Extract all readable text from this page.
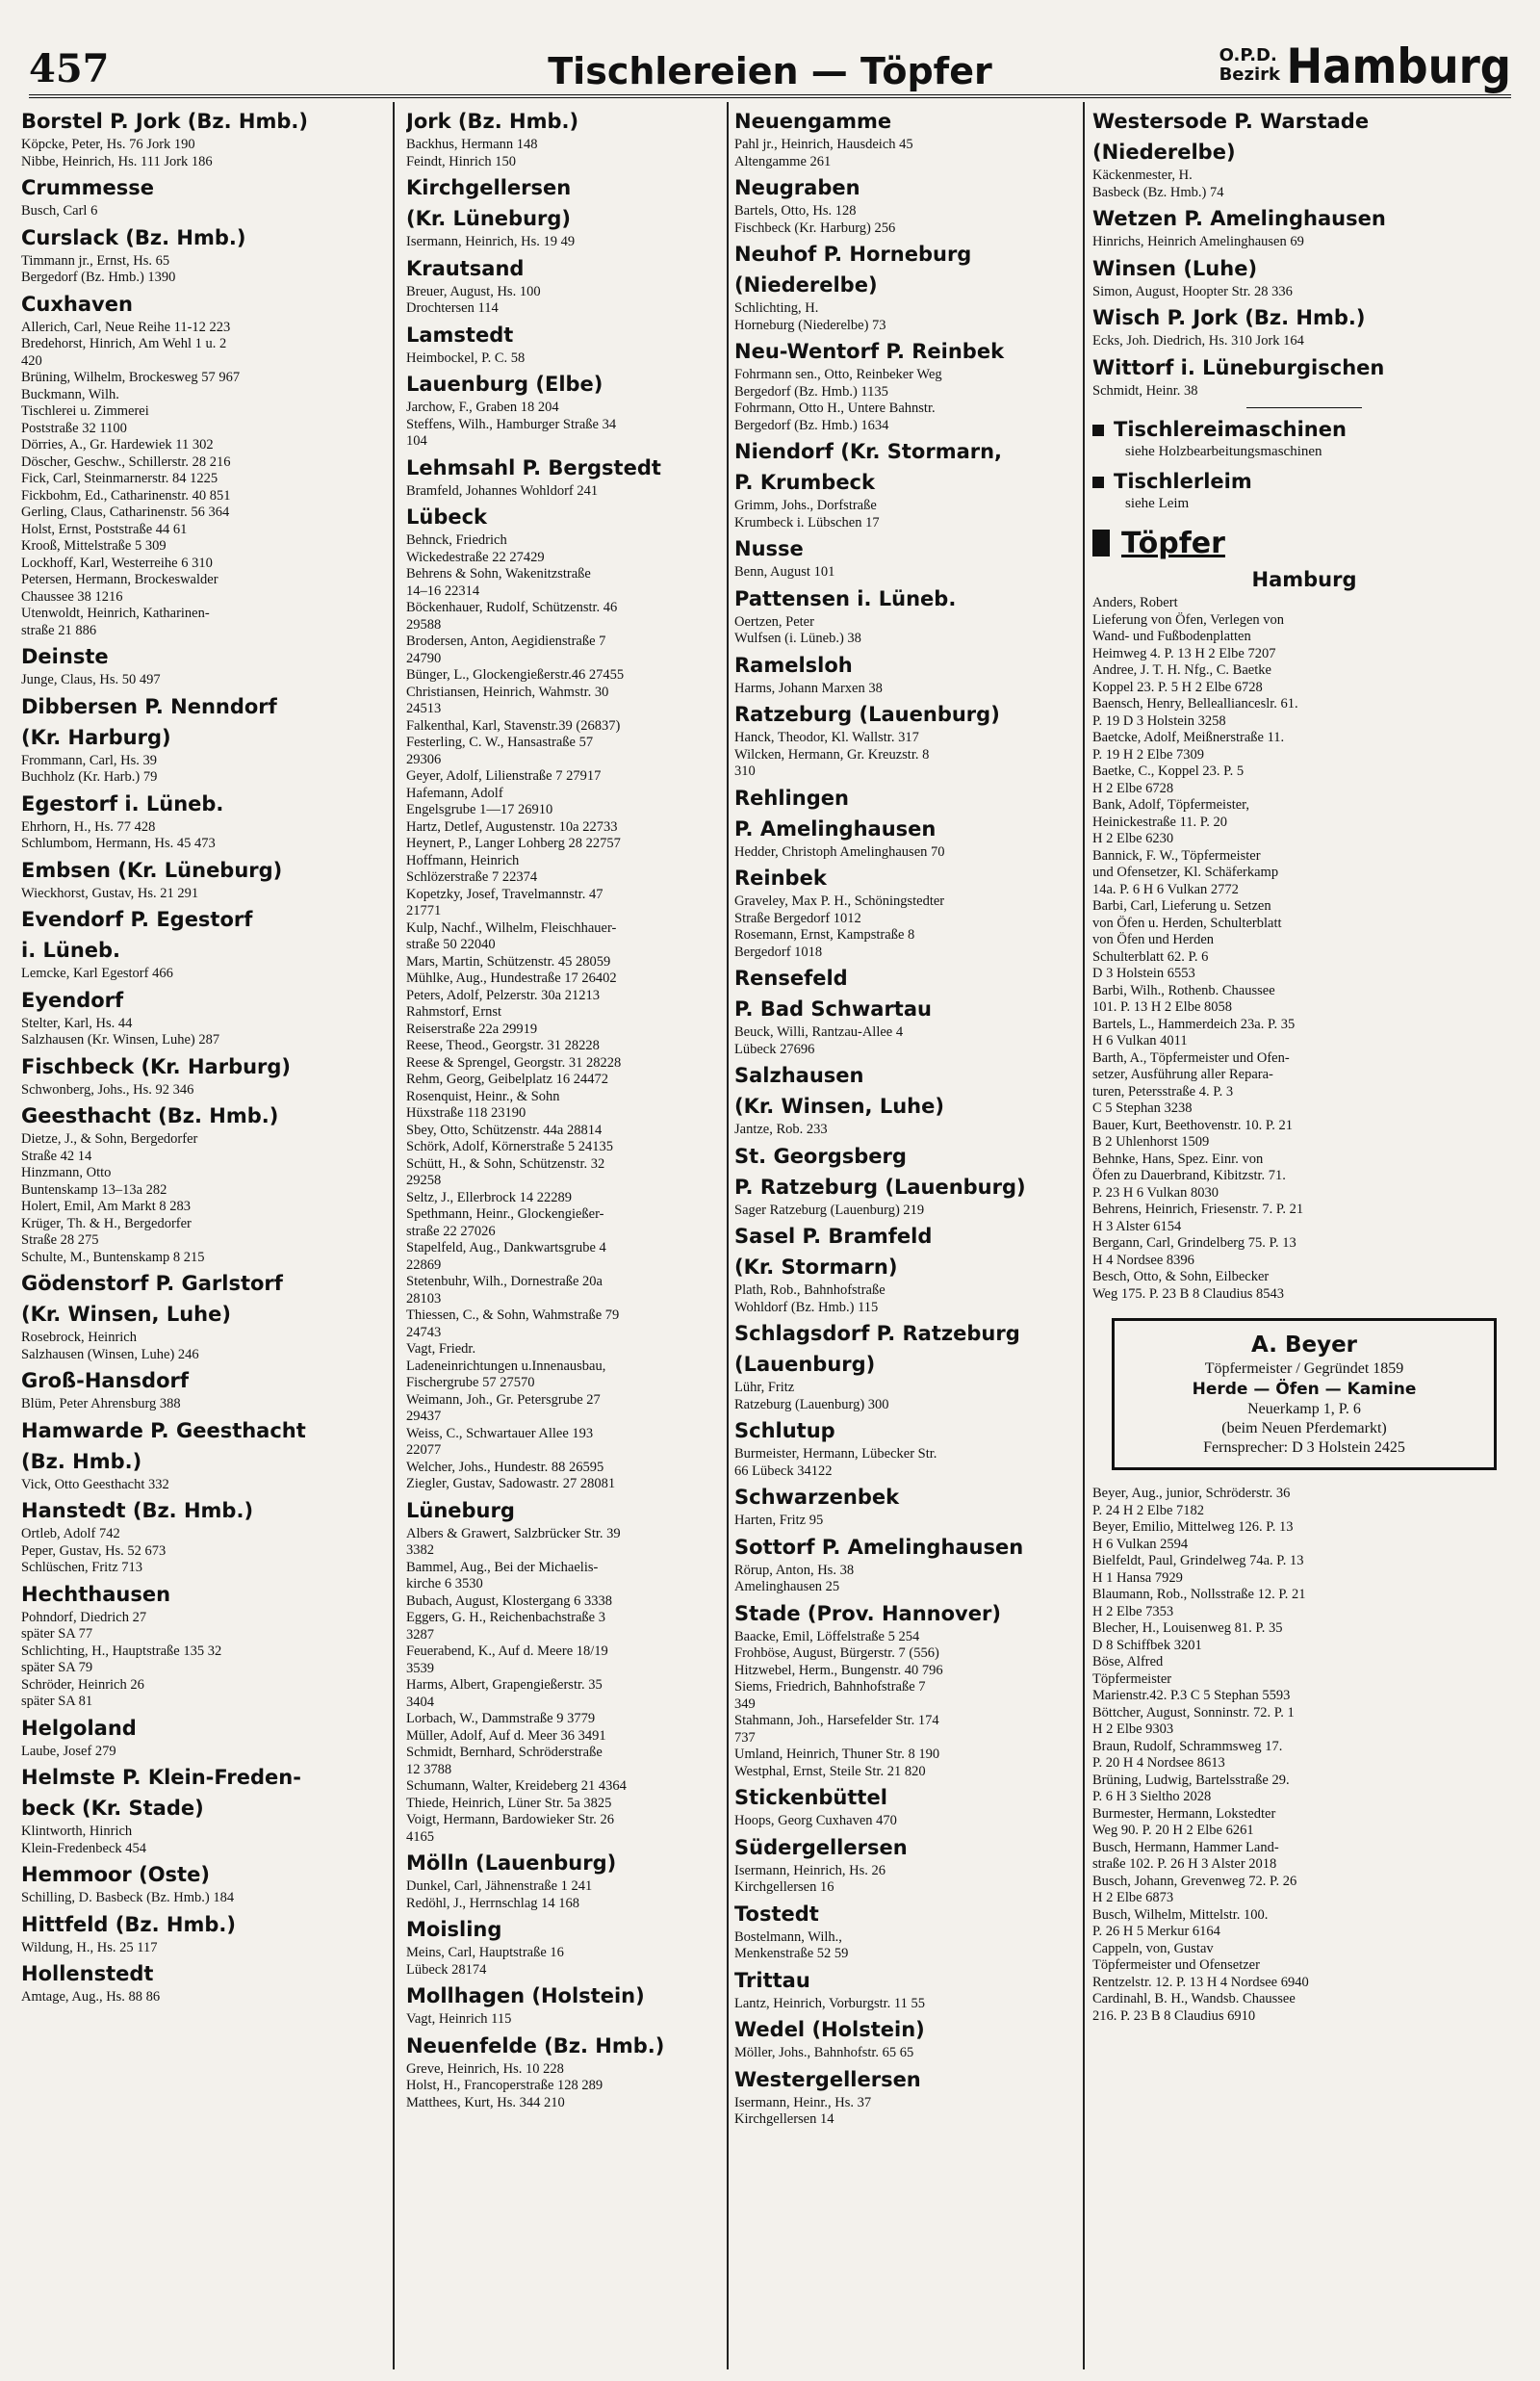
457	Tischlereien — Töpfer	O.P.D.
Bezirk Hamburg
Borstel P. Jork (Bz. Hmb.)
Köpcke, Peter, Hs. 76 Jork 190
Nibbe, Heinrich, Hs. 111 Jork 186
Crummesse
Busch, Carl 6
Curslack (Bz. Hmb.)
Timmann jr., Ernst, Hs. 65
Bergedorf (Bz. Hmb.) 1390
Cuxhaven
Allerich, Carl, Neue Reihe 11-12 223
Bredehorst, Hinrich, Am Wehl 1 u. 2
420
Brüning, Wilhelm, Brockesweg 57 967
Buckmann, Wilh.
Tischlerei u. Zimmerei
Poststraße 32 1100
Dörries, A., Gr. Hardewiek 11 302
Döscher, Geschw., Schillerstr. 28 216
Fick, Carl, Steinmarnerstr. 84 1225
Fickbohm, Ed., Catharinenstr. 40 851
Gerling, Claus, Catharinenstr. 56 364
Holst, Ernst, Poststraße 44 61
Krooß, Mittelstraße 5 309
Lockhoff, Karl, Westerreihe 6 310
Petersen, Hermann, Brockeswalder
Chaussee 38 1216
Utenwoldt, Heinrich, Katharinen-
straße 21 886
Deinste
Junge, Claus, Hs. 50 497
Dibbersen P. Nenndorf
(Kr. Harburg)
Frommann, Carl, Hs. 39
Buchholz (Kr. Harb.) 79
Egestorf i. Lüneb.
Ehrhorn, H., Hs. 77 428
Schlumbom, Hermann, Hs. 45 473
Embsen (Kr. Lüneburg)
Wieckhorst, Gustav, Hs. 21 291
Evendorf P. Egestorf
i. Lüneb.
Lemcke, Karl Egestorf 466
Eyendorf
Stelter, Karl, Hs. 44
Salzhausen (Kr. Winsen, Luhe) 287
Fischbeck (Kr. Harburg)
Schwonberg, Johs., Hs. 92 346
Geesthacht (Bz. Hmb.)
Dietze, J., & Sohn, Bergedorfer
Straße 42 14
Hinzmann, Otto
Buntenskamp 13–13a 282
Holert, Emil, Am Markt 8 283
Krüger, Th. & H., Bergedorfer
Straße 28 275
Schulte, M., Buntenskamp 8 215
Gödenstorf P. Garlstorf
(Kr. Winsen, Luhe)
Rosebrock, Heinrich
Salzhausen (Winsen, Luhe) 246
Groß-Hansdorf
Blüm, Peter Ahrensburg 388
Hamwarde P. Geesthacht
(Bz. Hmb.)
Vick, Otto Geesthacht 332
Hanstedt (Bz. Hmb.)
Ortleb, Adolf 742
Peper, Gustav, Hs. 52 673
Schlüschen, Fritz 713
Hechthausen
Pohndorf, Diedrich 27
später SA 77
Schlichting, H., Hauptstraße 135 32
später SA 79
Schröder, Heinrich 26
später SA 81
Helgoland
Laube, Josef 279
Helmste P. Klein-Freden-
beck (Kr. Stade)
Klintworth, Hinrich
Klein-Fredenbeck 454
Hemmoor (Oste)
Schilling, D. Basbeck (Bz. Hmb.) 184
Hittfeld (Bz. Hmb.)
Wildung, H., Hs. 25 117
Hollenstedt
Amtage, Aug., Hs. 88 86
Jork (Bz. Hmb.)
Backhus, Hermann 148
Feindt, Hinrich 150
Kirchgellersen
(Kr. Lüneburg)
Isermann, Heinrich, Hs. 19 49
Krautsand
Breuer, August, Hs. 100
Drochtersen 114
Lamstedt
Heimbockel, P. C. 58
Lauenburg (Elbe)
Jarchow, F., Graben 18 204
Steffens, Wilh., Hamburger Straße 34
104
Lehmsahl P. Bergstedt
Bramfeld, Johannes Wohldorf 241
Lübeck
Behnck, Friedrich
Wickedestraße 22 27429
Behrens & Sohn, Wakenitzstraße
14–16 22314
Böckenhauer, Rudolf, Schützenstr. 46
29588
Brodersen, Anton, Aegidienstraße 7
24790
Bünger, L., Glockengießerstr.46 27455
Christiansen, Heinrich, Wahmstr. 30
24513
Falkenthal, Karl, Stavenstr.39 (26837)
Festerling, C. W., Hansastraße 57
29306
Geyer, Adolf, Lilienstraße 7 27917
Hafemann, Adolf
Engelsgrube 1—17 26910
Hartz, Detlef, Augustenstr. 10a 22733
Heynert, P., Langer Lohberg 28 22757
Hoffmann, Heinrich
Schlözerstraße 7 22374
Kopetzky, Josef, Travelmannstr. 47
21771
Kulp, Nachf., Wilhelm, Fleischhauer-
straße 50 22040
Mars, Martin, Schützenstr. 45 28059
Mühlke, Aug., Hundestraße 17 26402
Peters, Adolf, Pelzerstr. 30a 21213
Rahmstorf, Ernst
Reiserstraße 22a 29919
Reese, Theod., Georgstr. 31 28228
Reese & Sprengel, Georgstr. 31 28228
Rehm, Georg, Geibelplatz 16 24472
Rosenquist, Heinr., & Sohn
Hüxstraße 118 23190
Sbey, Otto, Schützenstr. 44a 28814
Schörk, Adolf, Körnerstraße 5 24135
Schütt, H., & Sohn, Schützenstr. 32
29258
Seltz, J., Ellerbrock 14 22289
Spethmann, Heinr., Glockengießer-
straße 22 27026
Stapelfeld, Aug., Dankwartsgrube 4
22869
Stetenbuhr, Wilh., Dornestraße 20a
28103
Thiessen, C., & Sohn, Wahmstraße 79
24743
Vagt, Friedr.
Ladeneinrichtungen u.Innenausbau,
Fischergrube 57 27570
Weimann, Joh., Gr. Petersgrube 27
29437
Weiss, C., Schwartauer Allee 193
22077
Welcher, Johs., Hundestr. 88 26595
Ziegler, Gustav, Sadowastr. 27 28081
Lüneburg
Albers & Grawert, Salzbrücker Str. 39
3382
Bammel, Aug., Bei der Michaelis-
kirche 6 3530
Bubach, August, Klostergang 6 3338
Eggers, G. H., Reichenbachstraße 3
3287
Feuerabend, K., Auf d. Meere 18/19
3539
Harms, Albert, Grapengießerstr. 35
3404
Lorbach, W., Dammstraße 9 3779
Müller, Adolf, Auf d. Meer 36 3491
Schmidt, Bernhard, Schröderstraße
12 3788
Schumann, Walter, Kreideberg 21 4364
Thiede, Heinrich, Lüner Str. 5a 3825
Voigt, Hermann, Bardowieker Str. 26
4165
Mölln (Lauenburg)
Dunkel, Carl, Jähnenstraße 1 241
Redöhl, J., Herrnschlag 14 168
Moisling
Meins, Carl, Hauptstraße 16
Lübeck 28174
Mollhagen (Holstein)
Vagt, Heinrich 115
Neuenfelde (Bz. Hmb.)
Greve, Heinrich, Hs. 10 228
Holst, H., Francoperstraße 128 289
Matthees, Kurt, Hs. 344 210
Neuengamme
Pahl jr., Heinrich, Hausdeich 45
Altengamme 261
Neugraben
Bartels, Otto, Hs. 128
Fischbeck (Kr. Harburg) 256
Neuhof P. Horneburg
(Niederelbe)
Schlichting, H.
Horneburg (Niederelbe) 73
Neu-Wentorf P. Reinbek
Fohrmann sen., Otto, Reinbeker Weg
Bergedorf (Bz. Hmb.) 1135
Fohrmann, Otto H., Untere Bahnstr.
Bergedorf (Bz. Hmb.) 1634
Niendorf (Kr. Stormarn,
P. Krumbeck
Grimm, Johs., Dorfstraße
Krumbeck i. Lübschen 17
Nusse
Benn, August 101
Pattensen i. Lüneb.
Oertzen, Peter
Wulfsen (i. Lüneb.) 38
Ramelsloh
Harms, Johann Marxen 38
Ratzeburg (Lauenburg)
Hanck, Theodor, Kl. Wallstr. 317
Wilcken, Hermann, Gr. Kreuzstr. 8
310
Rehlingen
P. Amelinghausen
Hedder, Christoph Amelinghausen 70
Reinbek
Graveley, Max P. H., Schöningstedter
Straße Bergedorf 1012
Rosemann, Ernst, Kampstraße 8
Bergedorf 1018
Rensefeld
P. Bad Schwartau
Beuck, Willi, Rantzau-Allee 4
Lübeck 27696
Salzhausen
(Kr. Winsen, Luhe)
Jantze, Rob. 233
St. Georgsberg
P. Ratzeburg (Lauenburg)
Sager Ratzeburg (Lauenburg) 219
Sasel P. Bramfeld
(Kr. Stormarn)
Plath, Rob., Bahnhofstraße
Wohldorf (Bz. Hmb.) 115
Schlagsdorf P. Ratzeburg
(Lauenburg)
Lühr, Fritz
Ratzeburg (Lauenburg) 300
Schlutup
Burmeister, Hermann, Lübecker Str.
66 Lübeck 34122
Schwarzenbek
Harten, Fritz 95
Sottorf P. Amelinghausen
Rörup, Anton, Hs. 38
Amelinghausen 25
Stade (Prov. Hannover)
Baacke, Emil, Löffelstraße 5 254
Frohböse, August, Bürgerstr. 7 (556)
Hitzwebel, Herm., Bungenstr. 40 796
Siems, Friedrich, Bahnhofstraße 7
349
Stahmann, Joh., Harsefelder Str. 174
737
Umland, Heinrich, Thuner Str. 8 190
Westphal, Ernst, Steile Str. 21 820
Stickenbüttel
Hoops, Georg Cuxhaven 470
Südergellersen
Isermann, Heinrich, Hs. 26
Kirchgellersen 16
Tostedt
Bostelmann, Wilh.,
Menkenstraße 52 59
Trittau
Lantz, Heinrich, Vorburgstr. 11 55
Wedel (Holstein)
Möller, Johs., Bahnhofstr. 65 65
Westergellersen
Isermann, Heinr., Hs. 37
Kirchgellersen 14
Westersode P. Warstade
(Niederelbe)
Käckenmester, H.
Basbeck (Bz. Hmb.) 74
Wetzen P. Amelinghausen
Hinrichs, Heinrich Amelinghausen 69
Winsen (Luhe)
Simon, August, Hoopter Str. 28 336
Wisch P. Jork (Bz. Hmb.)
Ecks, Joh. Diedrich, Hs. 310 Jork 164
Wittorf i. Lüneburgischen
Schmidt, Heinr. 38
Tischlereimaschinen
siehe Holzbearbeitungsmaschinen
Tischlerleim
siehe Leim
Töpfer
Hamburg
Anders, Robert
Lieferung von Öfen, Verlegen von
Wand- und Fußbodenplatten
Heimweg 4. P. 13 H 2 Elbe 7207
Andree, J. T. H. Nfg., C. Baetke
Koppel 23. P. 5 H 2 Elbe 6728
Baensch, Henry, Belleallianceslr. 61.
P. 19 D 3 Holstein 3258
Baetcke, Adolf, Meißnerstraße 11.
P. 19 H 2 Elbe 7309
Baetke, C., Koppel 23. P. 5
H 2 Elbe 6728
Bank, Adolf, Töpfermeister,
Heinickestraße 11. P. 20
H 2 Elbe 6230
Bannick, F. W., Töpfermeister
und Ofensetzer, Kl. Schäferkamp
14a. P. 6 H 6 Vulkan 2772
Barbi, Carl, Lieferung u. Setzen
von Öfen u. Herden, Schulterblatt
von Öfen und Herden
Schulterblatt 62. P. 6
D 3 Holstein 6553
Barbi, Wilh., Rothenb. Chaussee
101. P. 13 H 2 Elbe 8058
Bartels, L., Hammerdeich 23a. P. 35
H 6 Vulkan 4011
Barth, A., Töpfermeister und Ofen-
setzer, Ausführung aller Repara-
turen, Petersstraße 4. P. 3
C 5 Stephan 3238
Bauer, Kurt, Beethovenstr. 10. P. 21
B 2 Uhlenhorst 1509
Behnke, Hans, Spez. Einr. von
Öfen zu Dauerbrand, Kibitzstr. 71.
P. 23 H 6 Vulkan 8030
Behrens, Heinrich, Friesenstr. 7. P. 21
H 3 Alster 6154
Bergann, Carl, Grindelberg 75. P. 13
H 4 Nordsee 8396
Besch, Otto, & Sohn, Eilbecker
Weg 175. P. 23 B 8 Claudius 8543
A. Beyer
Töpfermeister / Gegründet 1859
Herde — Öfen — Kamine
Neuerkamp 1, P. 6
(beim Neuen Pferdemarkt)
Fernsprecher: D 3 Holstein 2425
Beyer, Aug., junior, Schröderstr. 36
P. 24 H 2 Elbe 7182
Beyer, Emilio, Mittelweg 126. P. 13
H 6 Vulkan 2594
Bielfeldt, Paul, Grindelweg 74a. P. 13
H 1 Hansa 7929
Blaumann, Rob., Nollsstraße 12. P. 21
H 2 Elbe 7353
Blecher, H., Louisenweg 81. P. 35
D 8 Schiffbek 3201
Böse, Alfred
Töpfermeister
Marienstr.42. P.3 C 5 Stephan 5593
Böttcher, August, Sonninstr. 72. P. 1
H 2 Elbe 9303
Braun, Rudolf, Schrammsweg 17.
P. 20 H 4 Nordsee 8613
Brüning, Ludwig, Bartelsstraße 29.
P. 6 H 3 Sieltho 2028
Burmester, Hermann, Lokstedter
Weg 90. P. 20 H 2 Elbe 6261
Busch, Hermann, Hammer Land-
straße 102. P. 26 H 3 Alster 2018
Busch, Johann, Grevenweg 72. P. 26
H 2 Elbe 6873
Busch, Wilhelm, Mittelstr. 100.
P. 26 H 5 Merkur 6164
Cappeln, von, Gustav
Töpfermeister und Ofensetzer
Rentzelstr. 12. P. 13 H 4 Nordsee 6940
Cardinahl, B. H., Wandsb. Chaussee
216. P. 23 B 8 Claudius 6910
